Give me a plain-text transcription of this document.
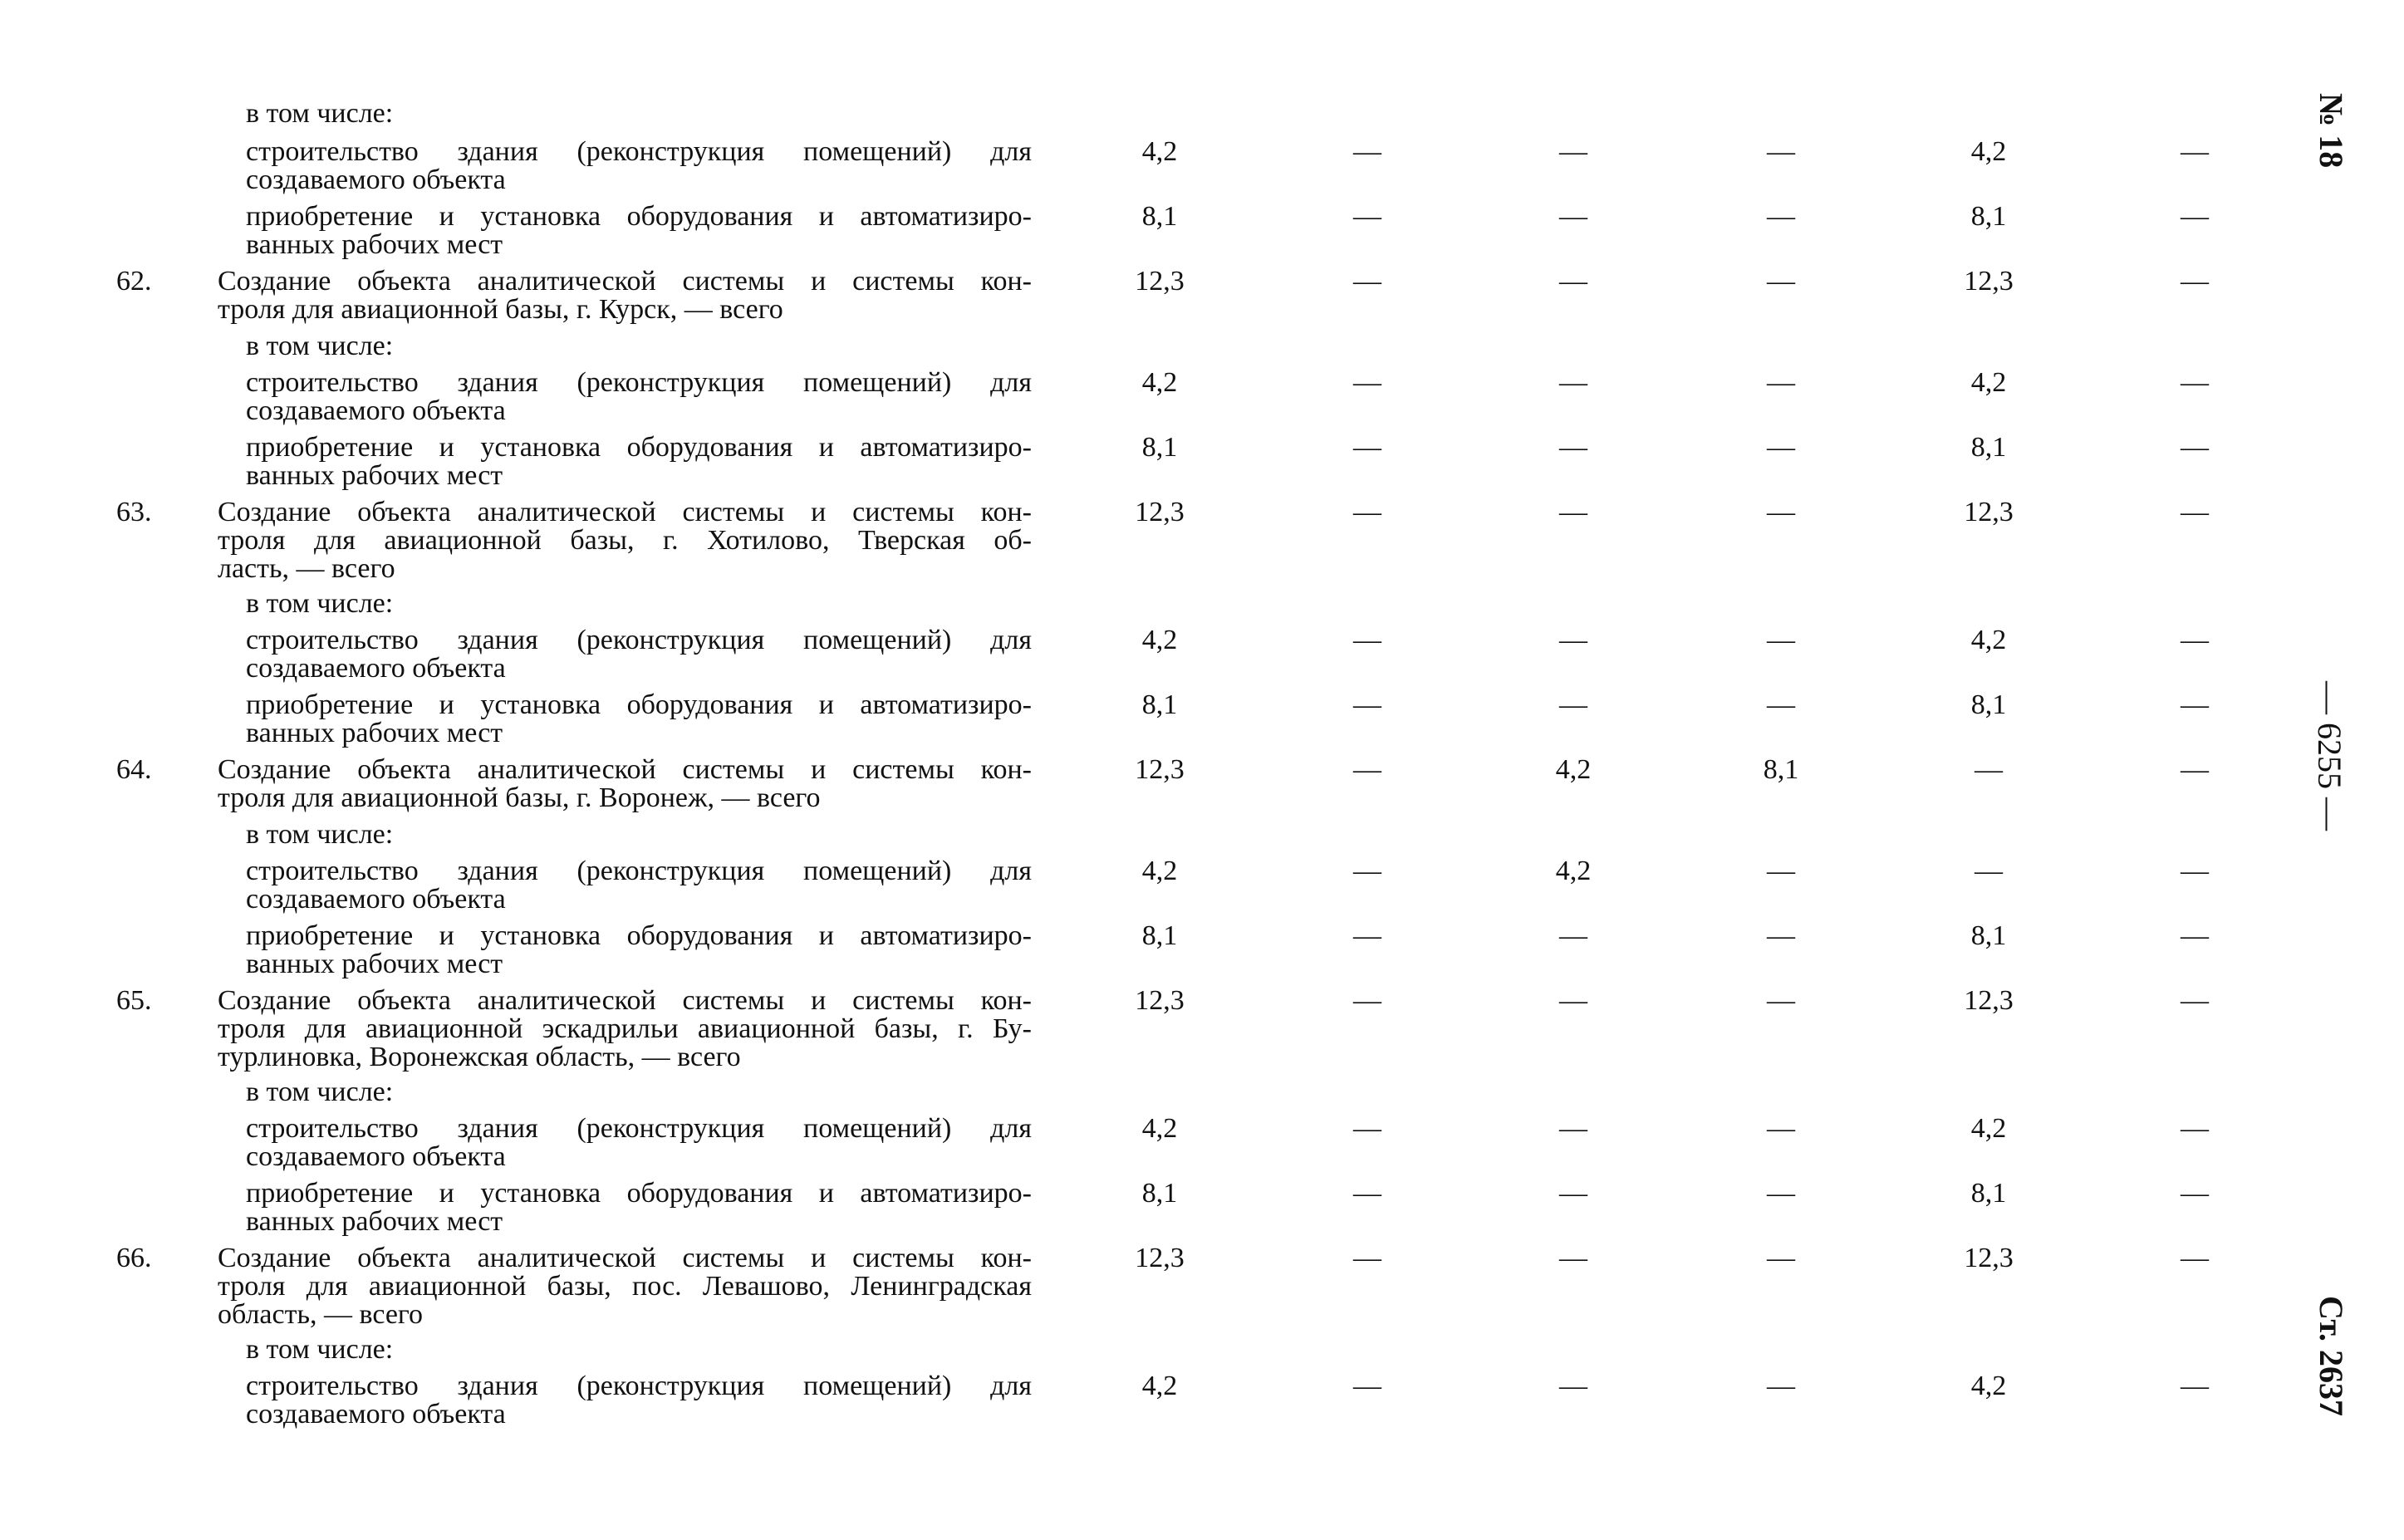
в том числе:
строительство здания (реконструкция помещений) для
создаваемого объекта
4,2	—	—	—	4,2	—
приобретение и установка оборудования и автоматизиро-
ванных рабочих мест
8,1	—	—	—	8,1	—
62. Создание объекта аналитической системы и системы кон-
троля для авиационной базы, г. Курск, — всего
12,3	—	—	—	12,3	—
в том числе:
строительство здания (реконструкция помещений) для
создаваемого объекта
4,2	—	—	—	4,2	—
приобретение и установка оборудования и автоматизиро-
ванных рабочих мест
8,1	—	—	—	8,1	—
63. Создание объекта аналитической системы и системы кон-
троля для авиационной базы, г. Хотилово, Тверская об-
ласть, — всего
12,3	—	—	—	12,3	—
в том числе:
строительство здания (реконструкция помещений) для
создаваемого объекта
4,2	—	—	—	4,2	—
приобретение и установка оборудования и автоматизиро-
ванных рабочих мест
8,1	—	—	—	8,1	—
64. Создание объекта аналитической системы и системы кон-
троля для авиационной базы, г. Воронеж, — всего
12,3	—	4,2	8,1	—	—
в том числе:
строительство здания (реконструкция помещений) для
создаваемого объекта
4,2	—	4,2	—	—	—
приобретение и установка оборудования и автоматизиро-
ванных рабочих мест
8,1	—	—	—	8,1	—
65. Создание объекта аналитической системы и системы кон-
троля для авиационной эскадрильи авиационной базы, г. Бу-
турлиновка, Воронежская область, — всего
12,3	—	—	—	12,3	—
в том числе:
строительство здания (реконструкция помещений) для
создаваемого объекта
4,2	—	—	—	4,2	—
приобретение и установка оборудования и автоматизиро-
ванных рабочих мест
8,1	—	—	—	8,1	—
66. Создание объекта аналитической системы и системы кон-
троля для авиационной базы, пос. Левашово, Ленинградская
область, — всего
12,3	—	—	—	12,3	—
в том числе:
строительство здания (реконструкция помещений) для
создаваемого объекта
4,2	—	—	—	4,2	—
№ 18
— 6255 —
Ст. 2637
